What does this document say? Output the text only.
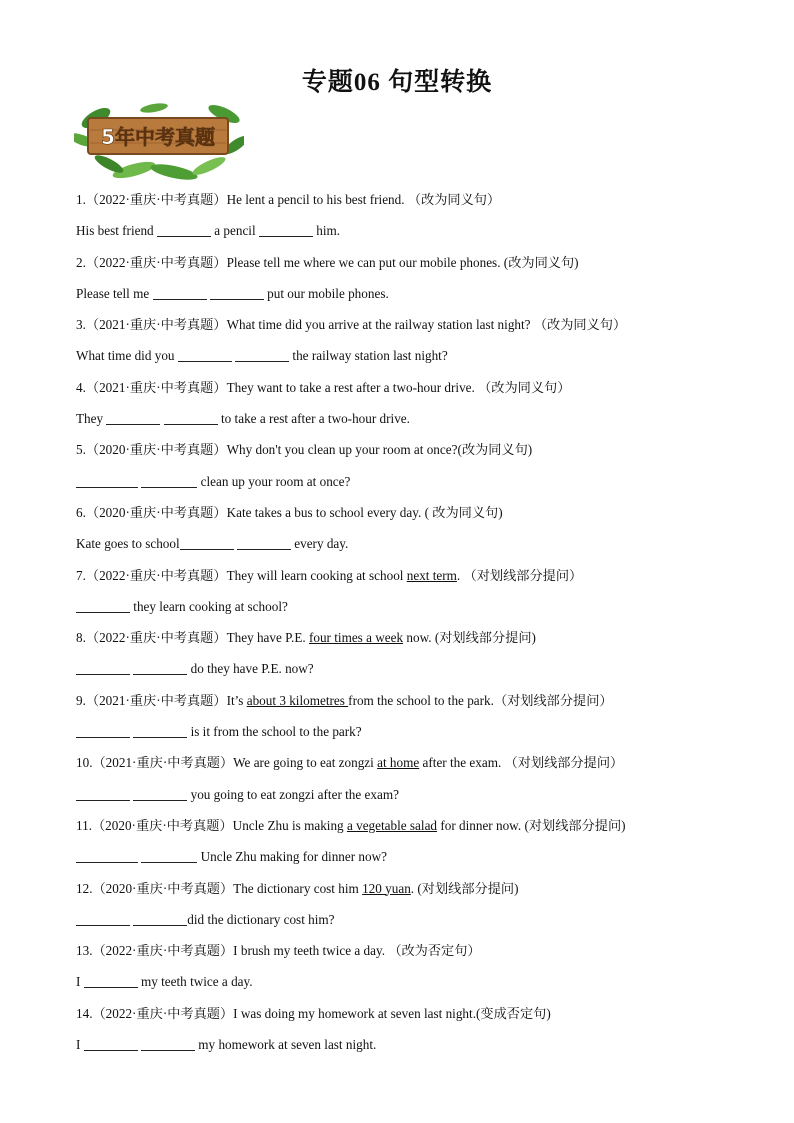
专题06 句型转换
5年中考真题
1.（2022·重庆·中考真题）He lent a pencil to his best friend. （改为同义句）
His best friend	a pencil	him.
2.（2022·重庆·中考真题）Please tell me where we can put our mobile phones. (改为同义句)
Please tell me	put our mobile phones.
3.（2021·重庆·中考真题）What time did you arrive at the railway station last night? （改为同义句）
What time did you	the railway station last night?
4.（2021·重庆·中考真题）They want to take a rest after a two-hour drive. （改为同义句）
They	to take a rest after a two-hour drive.
5.（2020·重庆·中考真题）Why don't you clean up your room at once?(改为同义句)
clean up your room at once?
6.（2020·重庆·中考真题）Kate takes a bus to school every day. ( 改为同义句)
Kate goes to school	every day.
7.（2022·重庆·中考真题）They will learn cooking at school next term. （对划线部分提问）
they learn cooking at school?
8.（2022·重庆·中考真题）They have P.E. four times a week now. (对划线部分提问)
do they have P.E. now?
9.（2021·重庆·中考真题）It’s about 3 kilometres from the school to the park.（对划线部分提问）
is it from the school to the park?
10.（2021·重庆·中考真题）We are going to eat zongzi at home after the exam. （对划线部分提问）
you going to eat zongzi after the exam?
11.（2020·重庆·中考真题）Uncle Zhu is making a vegetable salad for dinner now. (对划线部分提问)
Uncle Zhu making for dinner now?
12.（2020·重庆·中考真题）The dictionary cost him 120 yuan. (对划线部分提问)
did the dictionary cost him?
13.（2022·重庆·中考真题）I brush my teeth twice a day. （改为否定句）
I	my teeth twice a day.
14.（2022·重庆·中考真题）I was doing my homework at seven last night.(变成否定句)
I	my homework at seven last night.
